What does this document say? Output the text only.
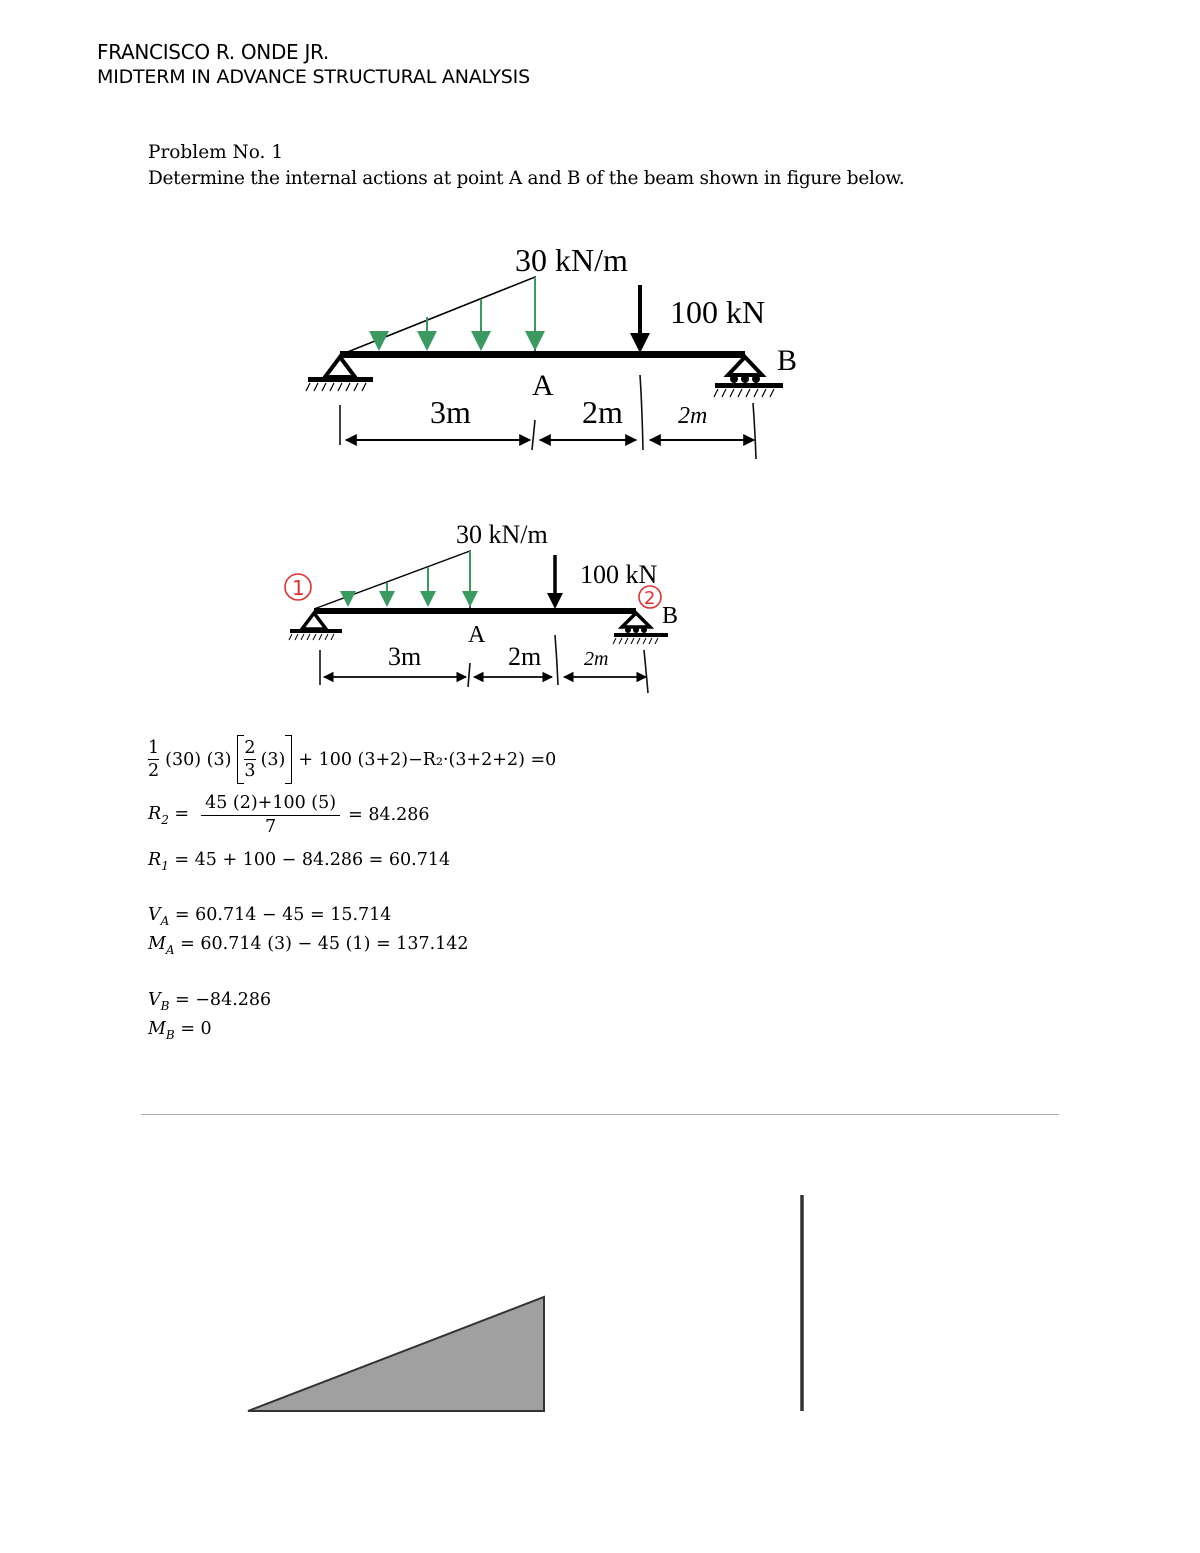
FRANCISCO R. ONDE JR.
MIDTERM IN ADVANCE STRUCTURAL ANALYSIS
Problem No. 1
Determine the internal actions at point A and B of the beam shown in figure below.
30 kN/m
100 kN
A
B
3m	2m 2m
30 kN/m
100 kN
A
B
3m	2m 2m
1	2
$\frac{1}{2} (30)$ $(3) \frac{2}{3} (3) + 100$ (3+2)−R₂·(3+2+2) =0
$R_2 = \frac{45 (2)+100 (5)}{7} = 84.286$
$R_1 = 45 + 100 - 84.286 = 60.714$
$V_A = 60.714 - 45 = 15.714$
$M_A = 60.714$ (3) − 45 (1) = 137.142
$V_B = -84.286$
$M_B = 0$
